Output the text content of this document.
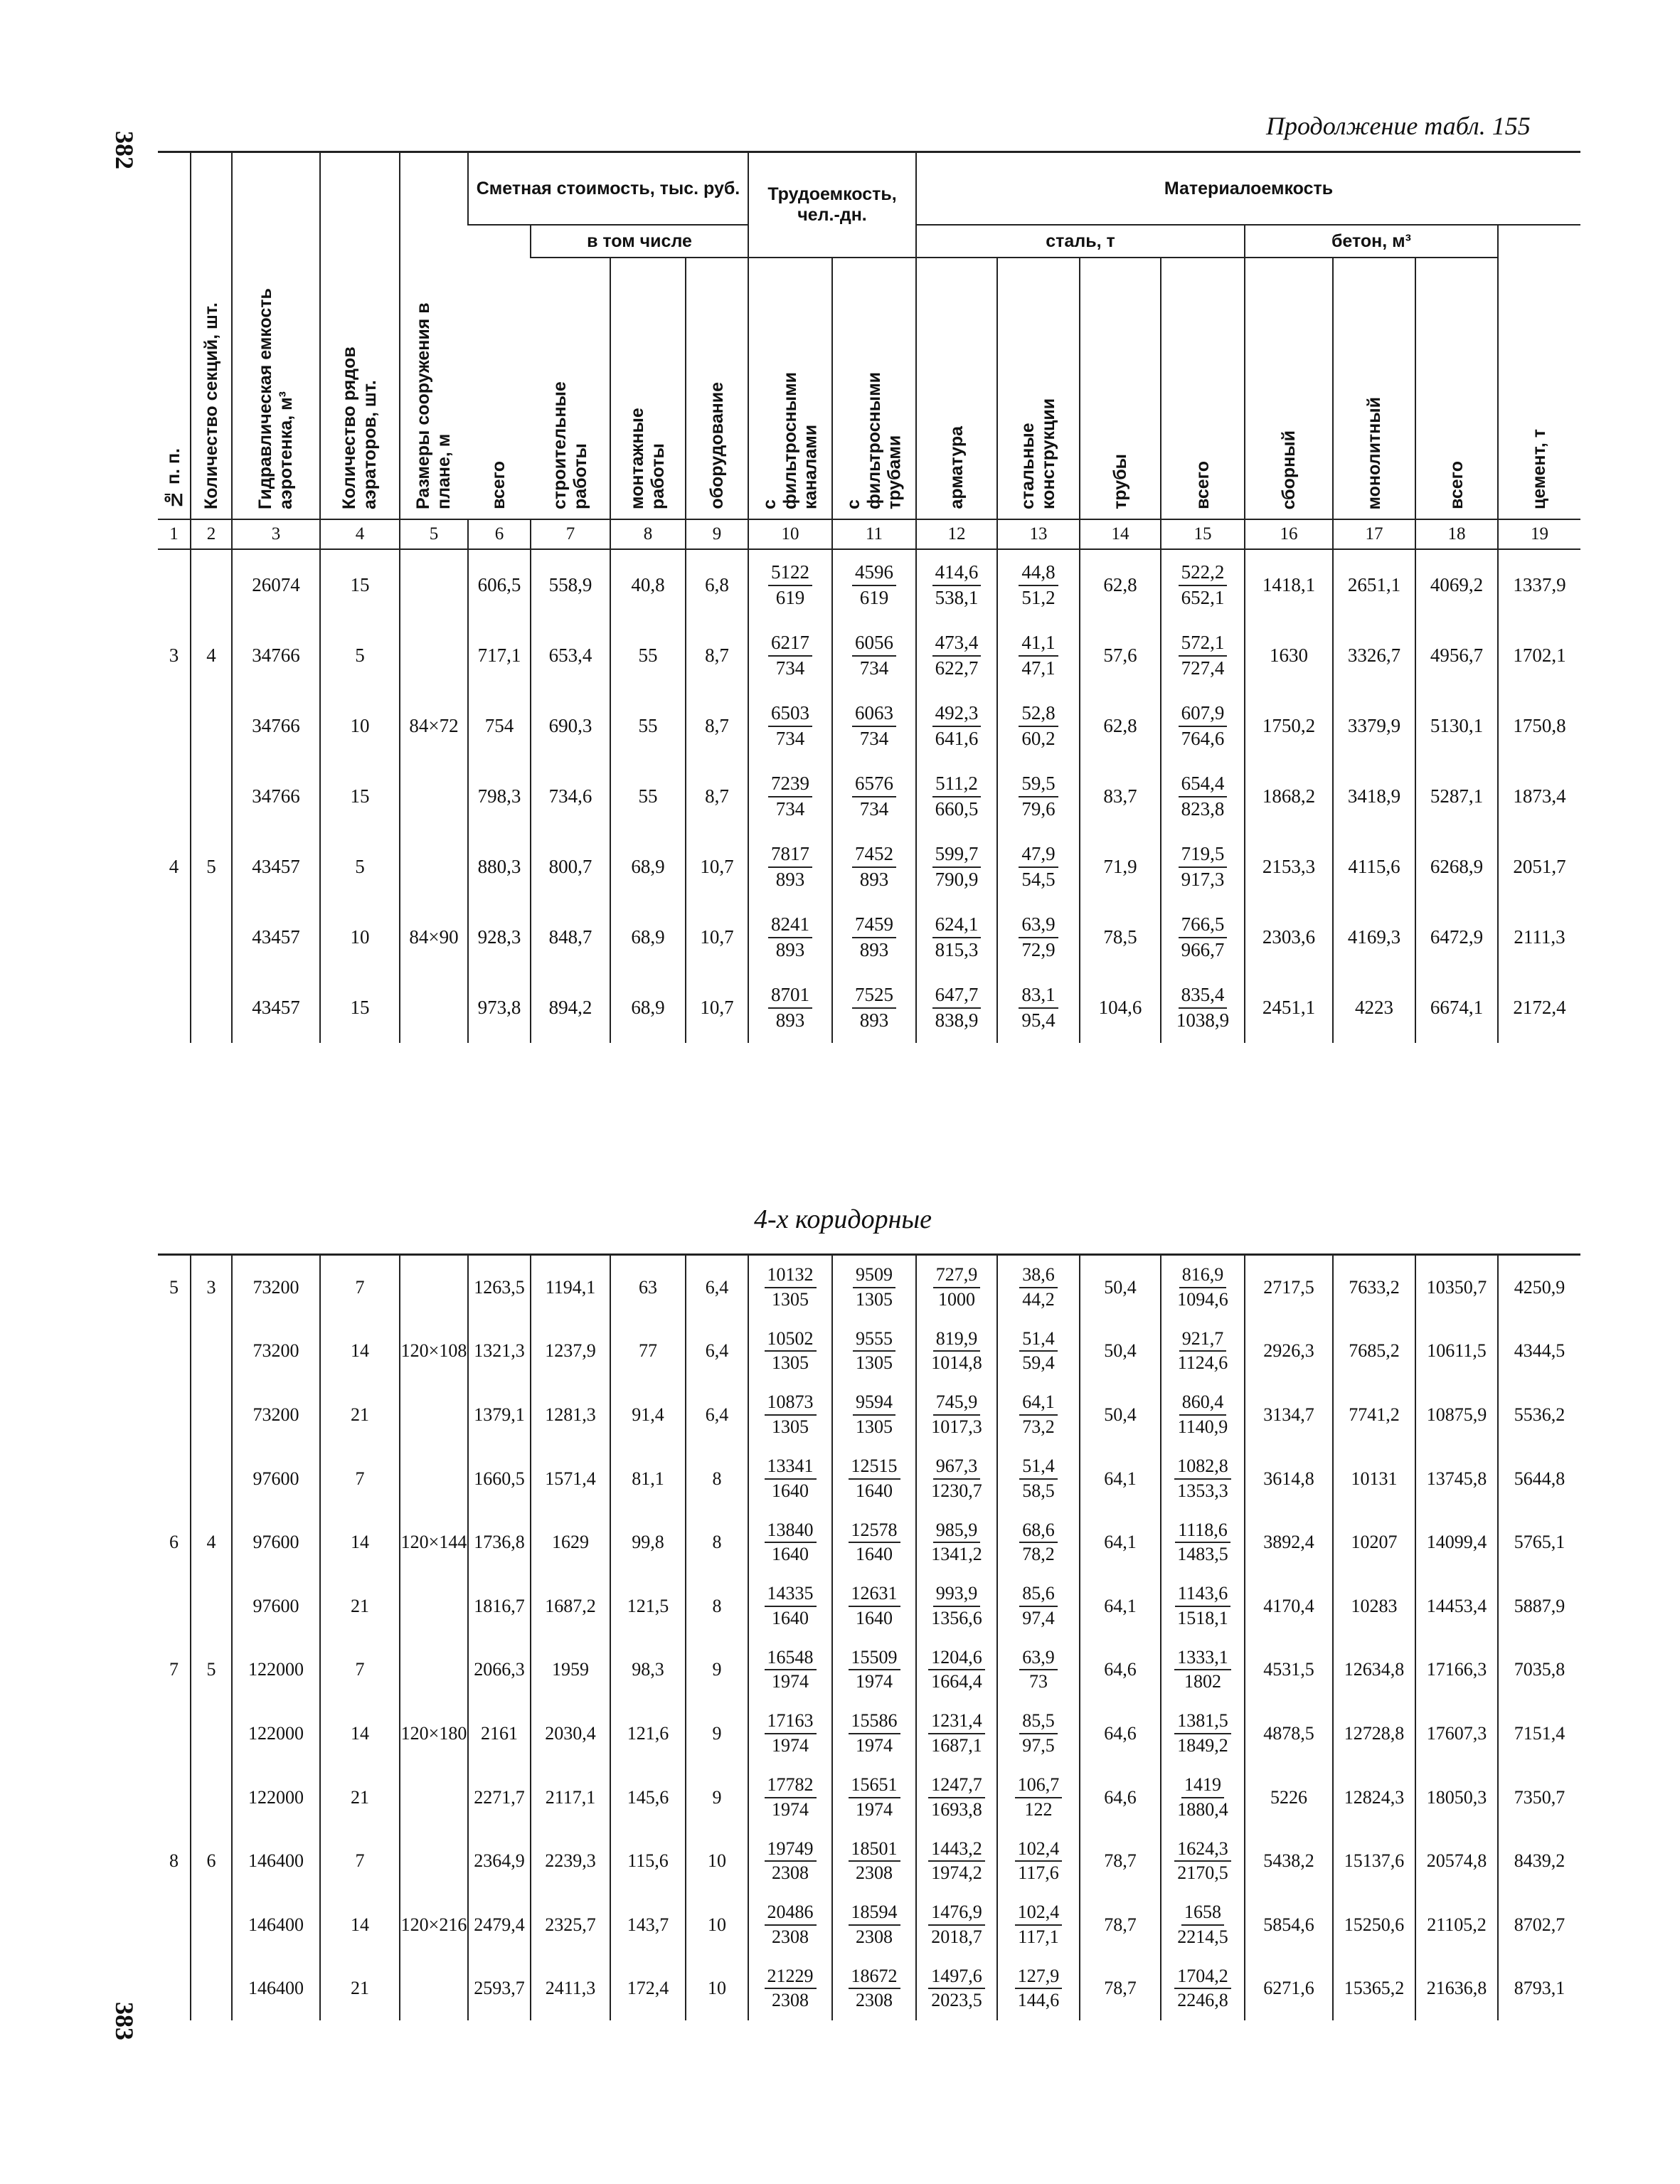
382
383
Продолжение табл. 155
4-х коридорные
№ п. п.	Количество секций, шт.	Гидравлическая емкость аэротенка, м³	Количество рядов аэраторов, шт.	Размеры сооружения в плане, м	Сметная стоимость, тыс. руб.				Трудоемкость, чел.-дн.		Материалоемкость							
					всего	в том числе					сталь, т				бетон, м³			цемент, т
						строительные работы	монтажные работы	оборудование	с фильтросными каналами	с фильтросными трубами	арматура	стальные конструкции	трубы	всего	сборный	монолитный	всего	
1	2	3	4	5	6	7	8	9	10	11	12	13	14	15	16	17	18	19
		26074	15		606,5	558,9	40,8	6,8	$\frac{5122}{619}$	$\frac{4596}{619}$	$\frac{414,6}{538,1}$	$\frac{44,8}{51,2}$	62,8	$\frac{522,2}{652,1}$	1418,1	2651,1	4069,2	1337,9
3	4	34766	5		717,1	653,4	55	8,7	$\frac{6217}{734}$	$\frac{6056}{734}$	$\frac{473,4}{622,7}$	$\frac{41,1}{47,1}$	57,6	$\frac{572,1}{727,4}$	1630	3326,7	4956,7	1702,1
		34766	10	84×72	754	690,3	55	8,7	$\frac{6503}{734}$	$\frac{6063}{734}$	$\frac{492,3}{641,6}$	$\frac{52,8}{60,2}$	62,8	$\frac{607,9}{764,6}$	1750,2	3379,9	5130,1	1750,8
		34766	15		798,3	734,6	55	8,7	$\frac{7239}{734}$	$\frac{6576}{734}$	$\frac{511,2}{660,5}$	$\frac{59,5}{79,6}$	83,7	$\frac{654,4}{823,8}$	1868,2	3418,9	5287,1	1873,4
4	5	43457	5		880,3	800,7	68,9	10,7	$\frac{7817}{893}$	$\frac{7452}{893}$	$\frac{599,7}{790,9}$	$\frac{47,9}{54,5}$	71,9	$\frac{719,5}{917,3}$	2153,3	4115,6	6268,9	2051,7
		43457	10	84×90	928,3	848,7	68,9	10,7	$\frac{8241}{893}$	$\frac{7459}{893}$	$\frac{624,1}{815,3}$	$\frac{63,9}{72,9}$	78,5	$\frac{766,5}{966,7}$	2303,6	4169,3	6472,9	2111,3
		43457	15		973,8	894,2	68,9	10,7	$\frac{8701}{893}$	$\frac{7525}{893}$	$\frac{647,7}{838,9}$	$\frac{83,1}{95,4}$	104,6	$\frac{835,4}{1038,9}$	2451,1	4223	6674,1	2172,4
5	3	73200	7		1263,5	1194,1	63	6,4	$\frac{10132}{1305}$	$\frac{9509}{1305}$	$\frac{727,9}{1000}$	$\frac{38,6}{44,2}$	50,4	$\frac{816,9}{1094,6}$	2717,5	7633,2	10350,7	4250,9
		73200	14	120×108	1321,3	1237,9	77	6,4	$\frac{10502}{1305}$	$\frac{9555}{1305}$	$\frac{819,9}{1014,8}$	$\frac{51,4}{59,4}$	50,4	$\frac{921,7}{1124,6}$	2926,3	7685,2	10611,5	4344,5
		73200	21		1379,1	1281,3	91,4	6,4	$\frac{10873}{1305}$	$\frac{9594}{1305}$	$\frac{745,9}{1017,3}$	$\frac{64,1}{73,2}$	50,4	$\frac{860,4}{1140,9}$	3134,7	7741,2	10875,9	5536,2
		97600	7		1660,5	1571,4	81,1	8	$\frac{13341}{1640}$	$\frac{12515}{1640}$	$\frac{967,3}{1230,7}$	$\frac{51,4}{58,5}$	64,1	$\frac{1082,8}{1353,3}$	3614,8	10131	13745,8	5644,8
6	4	97600	14	120×144	1736,8	1629	99,8	8	$\frac{13840}{1640}$	$\frac{12578}{1640}$	$\frac{985,9}{1341,2}$	$\frac{68,6}{78,2}$	64,1	$\frac{1118,6}{1483,5}$	3892,4	10207	14099,4	5765,1
		97600	21		1816,7	1687,2	121,5	8	$\frac{14335}{1640}$	$\frac{12631}{1640}$	$\frac{993,9}{1356,6}$	$\frac{85,6}{97,4}$	64,1	$\frac{1143,6}{1518,1}$	4170,4	10283	14453,4	5887,9
7	5	122000	7		2066,3	1959	98,3	9	$\frac{16548}{1974}$	$\frac{15509}{1974}$	$\frac{1204,6}{1664,4}$	$\frac{63,9}{73}$	64,6	$\frac{1333,1}{1802}$	4531,5	12634,8	17166,3	7035,8
		122000	14	120×180	2161	2030,4	121,6	9	$\frac{17163}{1974}$	$\frac{15586}{1974}$	$\frac{1231,4}{1687,1}$	$\frac{85,5}{97,5}$	64,6	$\frac{1381,5}{1849,2}$	4878,5	12728,8	17607,3	7151,4
		122000	21		2271,7	2117,1	145,6	9	$\frac{17782}{1974}$	$\frac{15651}{1974}$	$\frac{1247,7}{1693,8}$	$\frac{106,7}{122}$	64,6	$\frac{1419}{1880,4}$	5226	12824,3	18050,3	7350,7
8	6	146400	7		2364,9	2239,3	115,6	10	$\frac{19749}{2308}$	$\frac{18501}{2308}$	$\frac{1443,2}{1974,2}$	$\frac{102,4}{117,6}$	78,7	$\frac{1624,3}{2170,5}$	5438,2	15137,6	20574,8	8439,2
		146400	14	120×216	2479,4	2325,7	143,7	10	$\frac{20486}{2308}$	$\frac{18594}{2308}$	$\frac{1476,9}{2018,7}$	$\frac{102,4}{117,1}$	78,7	$\frac{1658}{2214,5}$	5854,6	15250,6	21105,2	8702,7
		146400	21		2593,7	2411,3	172,4	10	$\frac{21229}{2308}$	$\frac{18672}{2308}$	$\frac{1497,6}{2023,5}$	$\frac{127,9}{144,6}$	78,7	$\frac{1704,2}{2246,8}$	6271,6	15365,2	21636,8	8793,1
